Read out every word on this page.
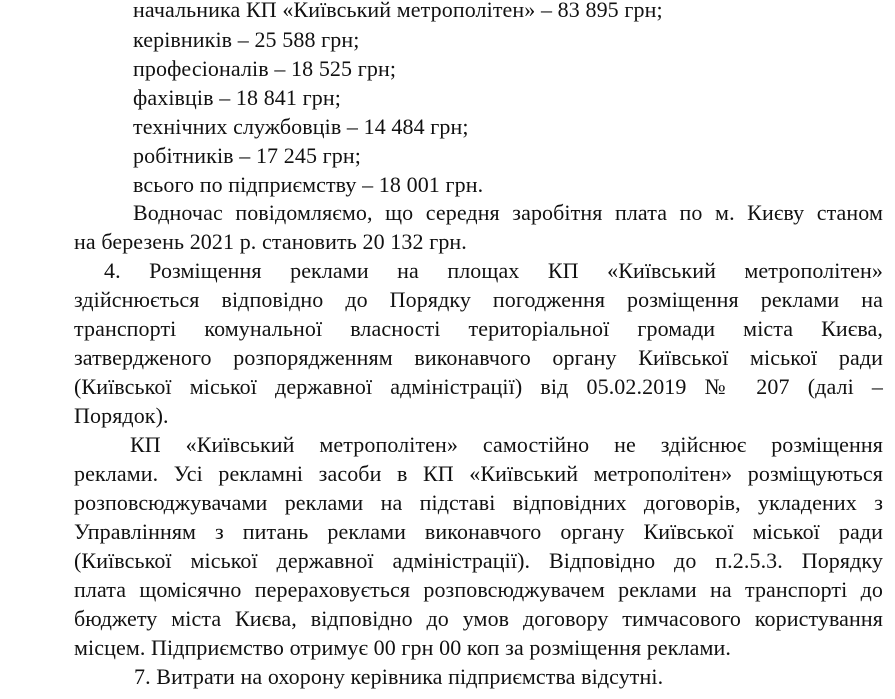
начальника КП «Київський метрополітен» – 83 895 грн;
керівників – 25 588 грн;
професіоналів – 18 525 грн;
фахівців – 18 841 грн;
технічних службовців – 14 484 грн;
робітників – 17 245 грн;
всього по підприємству – 18 001 грн.
Водночас повідомляємо, що середня заробітня плата по м. Києву станом
на березень 2021 р. становить 20 132 грн.
4. Розміщення реклами на площах КП «Київський метрополітен»
здійснюється відповідно до Порядку погодження розміщення реклами на
транспорті комунальної власності територіальної громади міста Києва,
затвердженого розпорядженням виконавчого органу Київської міської ради
(Київської міської державної адміністрації) від 05.02.2019 № 207 (далі –
Порядок).
КП «Київський метрополітен» самостійно не здійснює розміщення
реклами. Усі рекламні засоби в КП «Київський метрополітен» розміщуються
розповсюджувачами реклами на підставі відповідних договорів, укладених з
Управлінням з питань реклами виконавчого органу Київської міської ради
(Київської міської державної адміністрації). Відповідно до п.2.5.3. Порядку
плата щомісячно перераховується розповсюджувачем реклами на транспорті до
бюджету міста Києва, відповідно до умов договору тимчасового користування
місцем. Підприємство отримує 00 грн 00 коп за розміщення реклами.
7. Витрати на охорону керівника підприємства відсутні.
